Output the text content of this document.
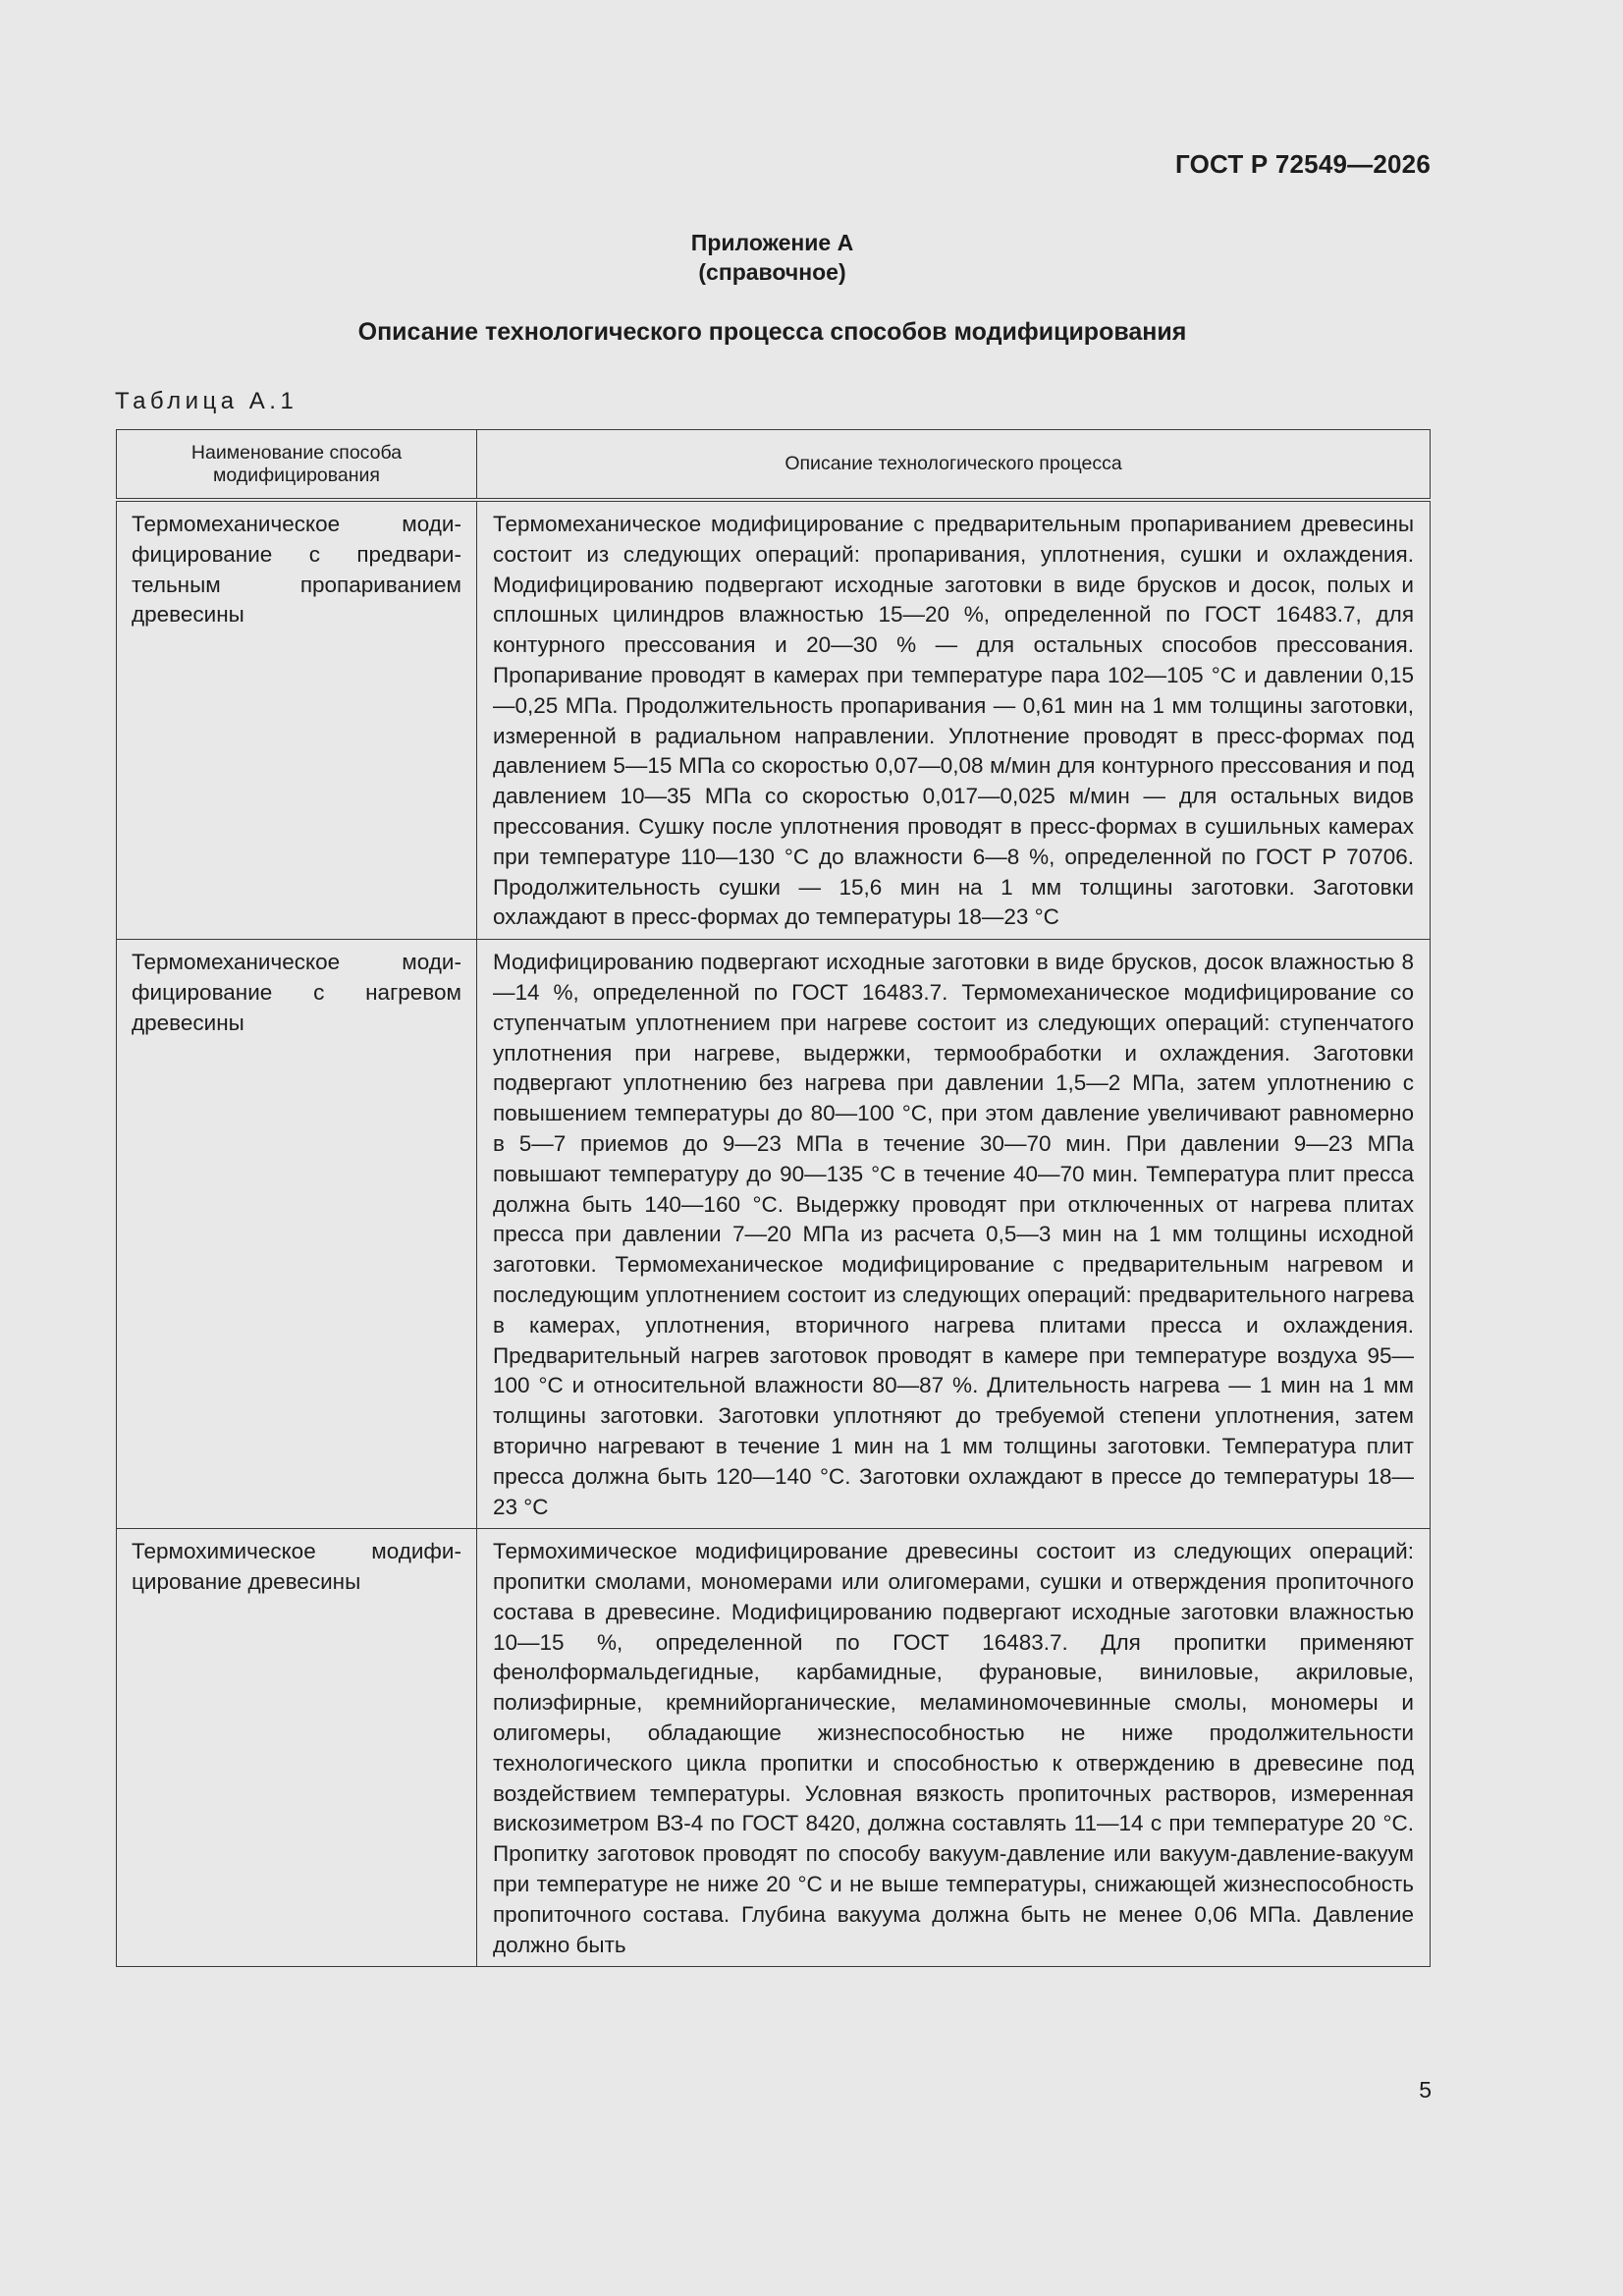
ГОСТ Р 72549—2026
Приложение А
(справочное)
Описание технологического процесса способов модифицирования
Таблица А.1
Наименование способа модифицирования	Описание технологического процесса
Термомеханическое модифицирование с предварительным пропариванием древесины	Термомеханическое модифицирование с предварительным пропариванием древесины состоит из следующих операций: пропаривания, уплотнения, сушки и охлаждения. Модифицированию подвергают исходные заготовки в виде брусков и досок, полых и сплошных цилиндров влажностью 15—20 %, определенной по ГОСТ 16483.7, для контурного прессования и 20—30 % — для остальных способов прессования. Пропаривание проводят в камерах при температуре пара 102—105 °С и давлении 0,15—0,25 МПа. Продолжительность пропаривания — 0,61 мин на 1 мм толщины заготовки, измеренной в радиальном направлении. Уплотнение проводят в пресс-формах под давлением 5—15 МПа со скоростью 0,07—0,08 м/мин для контурного прессования и под давлением 10—35 МПа со скоростью 0,017—0,025 м/мин — для остальных видов прессования. Сушку после уплотнения проводят в пресс-формах в сушильных камерах при температуре 110—130 °С до влажности 6—8 %, определенной по ГОСТ Р 70706. Продолжительность сушки — 15,6 мин на 1 мм толщины заготовки. Заготовки охлаждают в пресс-формах до температуры 18—23 °С
Термомеханическое модифицирование с нагревом древесины	Модифицированию подвергают исходные заготовки в виде брусков, досок влажностью 8—14 %, определенной по ГОСТ 16483.7. Термомеханическое модифицирование со ступенчатым уплотнением при нагреве состоит из следующих операций: ступенчатого уплотнения при нагреве, выдержки, термообработки и охлаждения. Заготовки подвергают уплотнению без нагрева при давлении 1,5—2 МПа, затем уплотнению с повышением температуры до 80—100 °С, при этом давление увеличивают равномерно в 5—7 приемов до 9—23 МПа в течение 30—70 мин. При давлении 9—23 МПа повышают температуру до 90—135 °С в течение 40—70 мин. Температура плит пресса должна быть 140—160 °С. Выдержку проводят при отключенных от нагрева плитах пресса при давлении 7—20 МПа из расчета 0,5—3 мин на 1 мм толщины исходной заготовки. Термомеханическое модифицирование с предварительным нагревом и последующим уплотнением состоит из следующих операций: предварительного нагрева в камерах, уплотнения, вторичного нагрева плитами пресса и охлаждения. Предварительный нагрев заготовок проводят в камере при температуре воздуха 95—100 °С и относительной влажности 80—87 %. Длительность нагрева — 1 мин на 1 мм толщины заготовки. Заготовки уплотняют до требуемой степени уплотнения, затем вторично нагревают в течение 1 мин на 1 мм толщины заготовки. Температура плит пресса должна быть 120—140 °С. Заготовки охлаждают в прессе до температуры 18—23 °С
Термохимическое модифицирование древесины	Термохимическое модифицирование древесины состоит из следующих операций: пропитки смолами, мономерами или олигомерами, сушки и отверждения пропиточного состава в древесине. Модифицированию подвергают исходные заготовки влажностью 10—15 %, определенной по ГОСТ 16483.7. Для пропитки применяют фенолформальдегидные, карбамидные, фурановые, виниловые, акриловые, полиэфирные, кремнийорганические, меламиномочевинные смолы, мономеры и олигомеры, обладающие жизнеспособностью не ниже продолжительности технологического цикла пропитки и способностью к отверждению в древесине под воздействием температуры. Условная вязкость пропиточных растворов, измеренная вискозиметром ВЗ-4 по ГОСТ 8420, должна составлять 11—14 с при температуре 20 °С. Пропитку заготовок проводят по способу вакуум-давление или вакуум-давление-вакуум при температуре не ниже 20 °С и не выше температуры, снижающей жизнеспособность пропиточного состава. Глубина вакуума должна быть не менее 0,06 МПа. Давление должно быть
5
